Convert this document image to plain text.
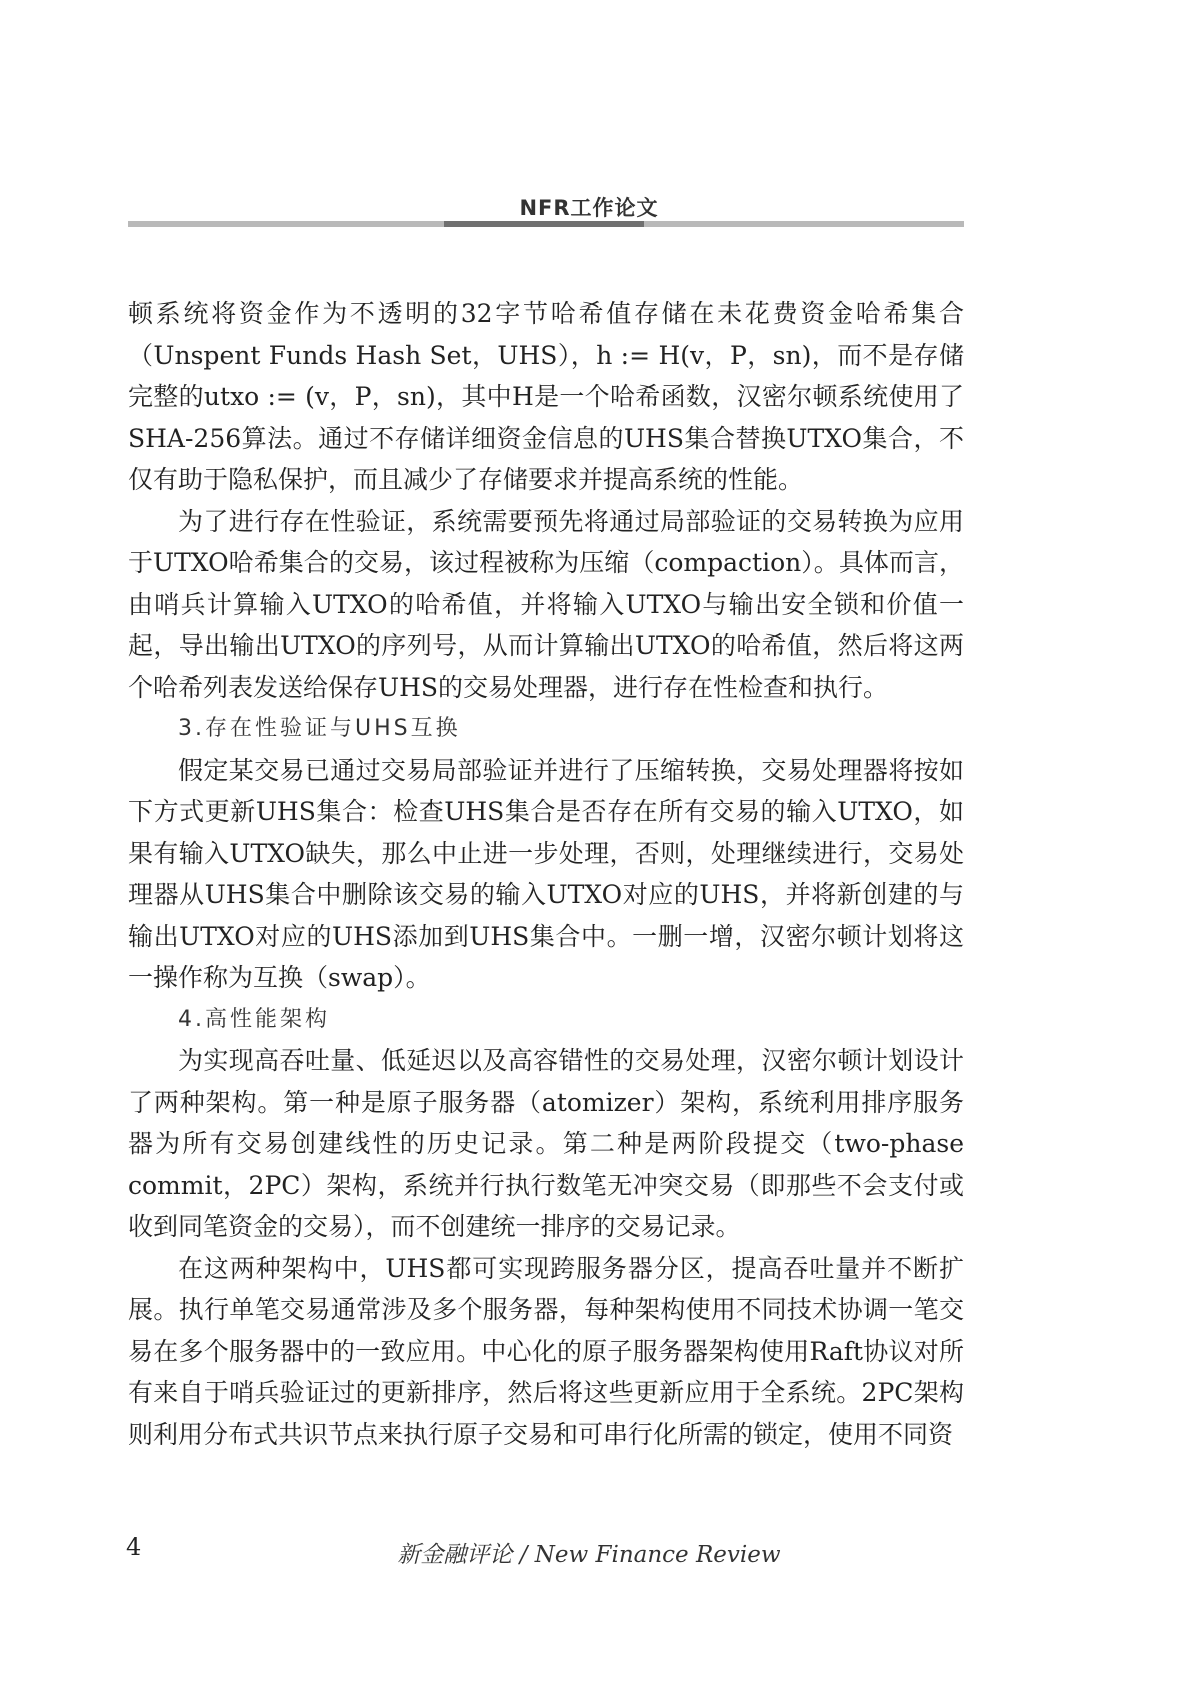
NFR工作论文

顿系统将资金作为不透明的32字节哈希值存储在未花费资金哈希集合（Unspent Funds Hash Set，UHS），h := H(v，P，sn)，而不是存储完整的utxo := (v，P，sn)，其中H是一个哈希函数，汉密尔顿系统使用了SHA-256算法。通过不存储详细资金信息的UHS集合替换UTXO集合，不仅有助于隐私保护，而且减少了存储要求并提高系统的性能。

为了进行存在性验证，系统需要预先将通过局部验证的交易转换为应用于UTXO哈希集合的交易，该过程被称为压缩（compaction）。具体而言，由哨兵计算输入UTXO的哈希值，并将输入UTXO与输出安全锁和价值一起，导出输出UTXO的序列号，从而计算输出UTXO的哈希值，然后将这两个哈希列表发送给保存UHS的交易处理器，进行存在性检查和执行。

3.存在性验证与UHS互换

假定某交易已通过交易局部验证并进行了压缩转换，交易处理器将按如下方式更新UHS集合：检查UHS集合是否存在所有交易的输入UTXO，如果有输入UTXO缺失，那么中止进一步处理，否则，处理继续进行，交易处理器从UHS集合中删除该交易的输入UTXO对应的UHS，并将新创建的与输出UTXO对应的UHS添加到UHS集合中。一删一增，汉密尔顿计划将这一操作称为互换（swap）。

4.高性能架构

为实现高吞吐量、低延迟以及高容错性的交易处理，汉密尔顿计划设计了两种架构。第一种是原子服务器（atomizer）架构，系统利用排序服务器为所有交易创建线性的历史记录。第二种是两阶段提交（two-phase commit，2PC）架构，系统并行执行数笔无冲突交易（即那些不会支付或收到同笔资金的交易），而不创建统一排序的交易记录。

在这两种架构中，UHS都可实现跨服务器分区，提高吞吐量并不断扩展。执行单笔交易通常涉及多个服务器，每种架构使用不同技术协调一笔交易在多个服务器中的一致应用。中心化的原子服务器架构使用Raft协议对所有来自于哨兵验证过的更新排序，然后将这些更新应用于全系统。2PC架构则利用分布式共识节点来执行原子交易和可串行化所需的锁定，使用不同资

4	新金融评论 / New Finance Review
